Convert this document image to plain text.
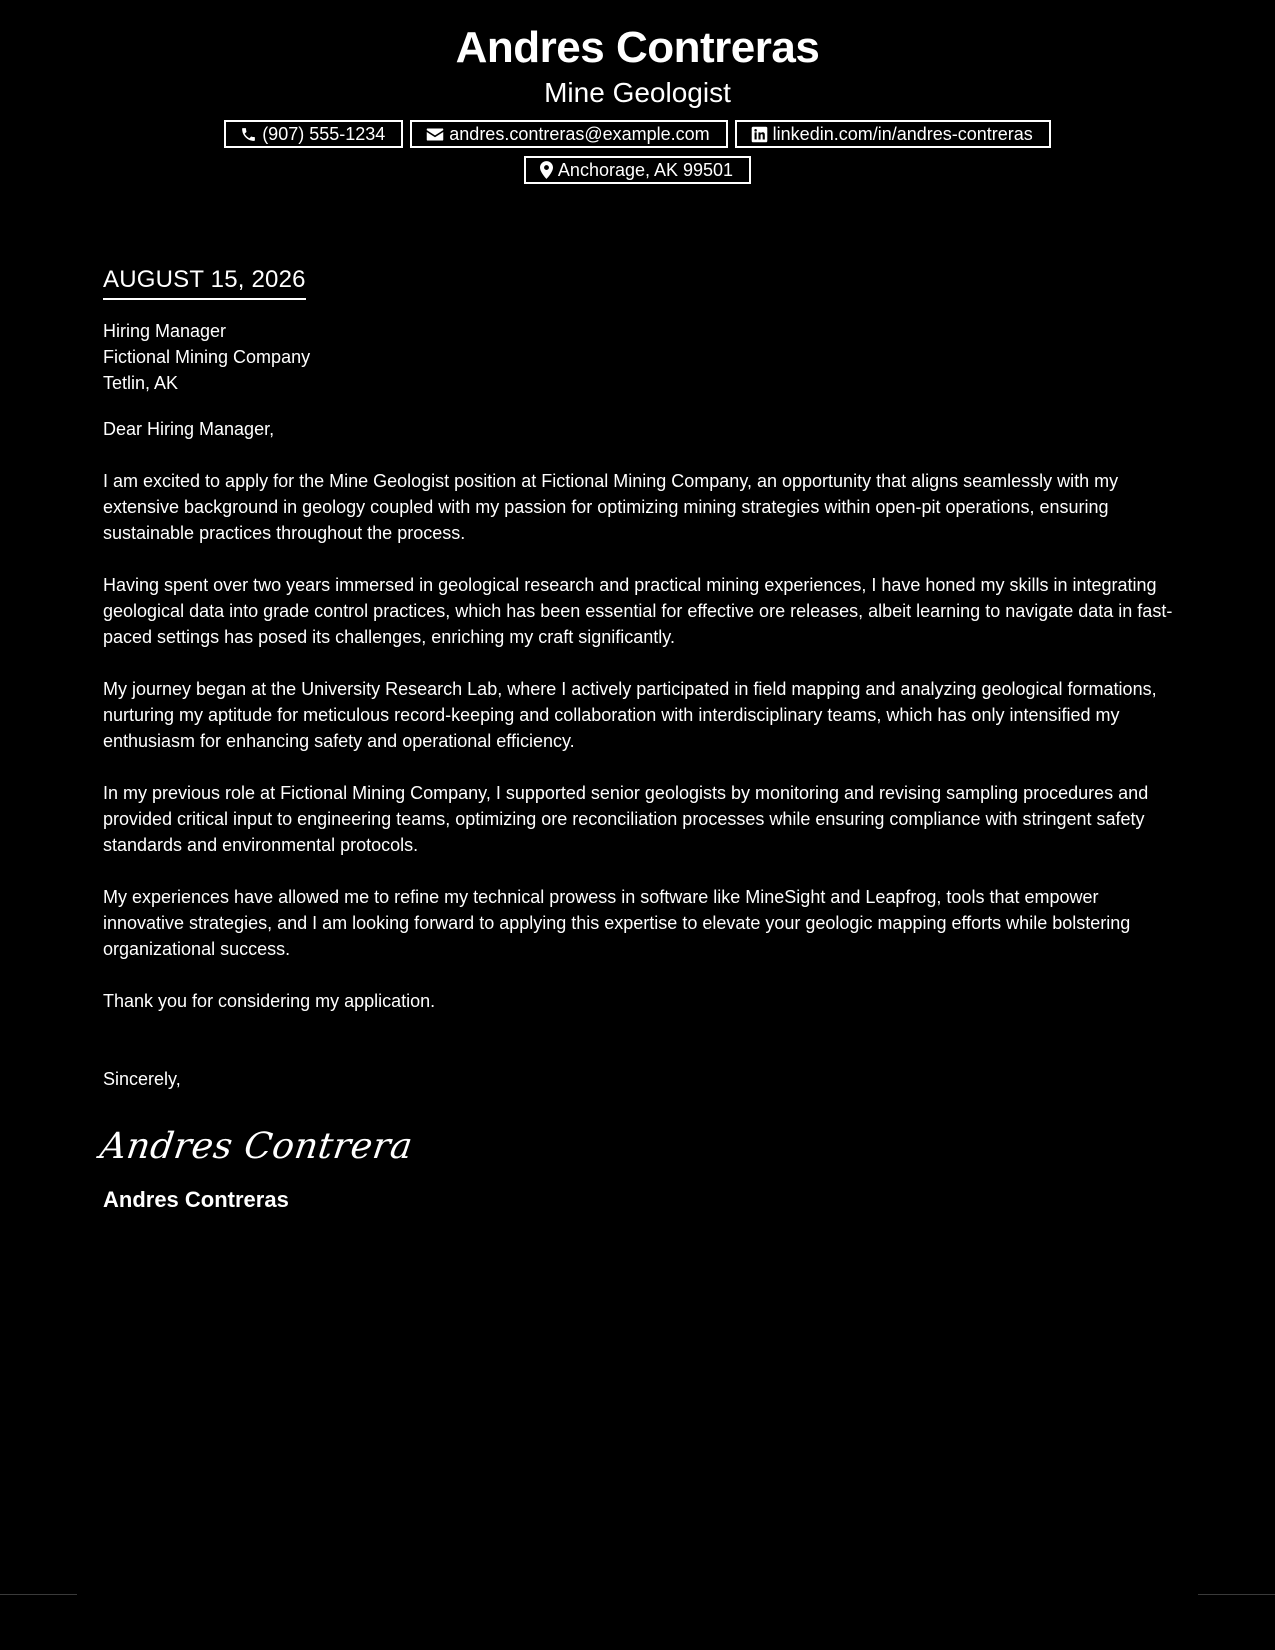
Andres Contreras
Mine Geologist
(907) 555-1234	andres.contreras@example.com	linkedin.com/in/andres-contreras
Anchorage, AK 99501
AUGUST 15, 2026
Hiring Manager
Fictional Mining Company
Tetlin, AK
Dear Hiring Manager,

I am excited to apply for the Mine Geologist position at Fictional Mining Company, an opportunity that aligns seamlessly with my extensive background in geology coupled with my passion for optimizing mining strategies within open-pit operations, ensuring sustainable practices throughout the process.

Having spent over two years immersed in geological research and practical mining experiences, I have honed my skills in integrating geological data into grade control practices, which has been essential for effective ore releases, albeit learning to navigate data in fast-paced settings has posed its challenges, enriching my craft significantly.

My journey began at the University Research Lab, where I actively participated in field mapping and analyzing geological formations, nurturing my aptitude for meticulous record-keeping and collaboration with interdisciplinary teams, which has only intensified my enthusiasm for enhancing safety and operational efficiency.

In my previous role at Fictional Mining Company, I supported senior geologists by monitoring and revising sampling procedures and provided critical input to engineering teams, optimizing ore reconciliation processes while ensuring compliance with stringent safety standards and environmental protocols.

My experiences have allowed me to refine my technical prowess in software like MineSight and Leapfrog, tools that empower innovative strategies, and I am looking forward to applying this expertise to elevate your geologic mapping efforts while bolstering organizational success.

Thank you for considering my application.
Sincerely,
Andres Contrera
Andres Contreras
